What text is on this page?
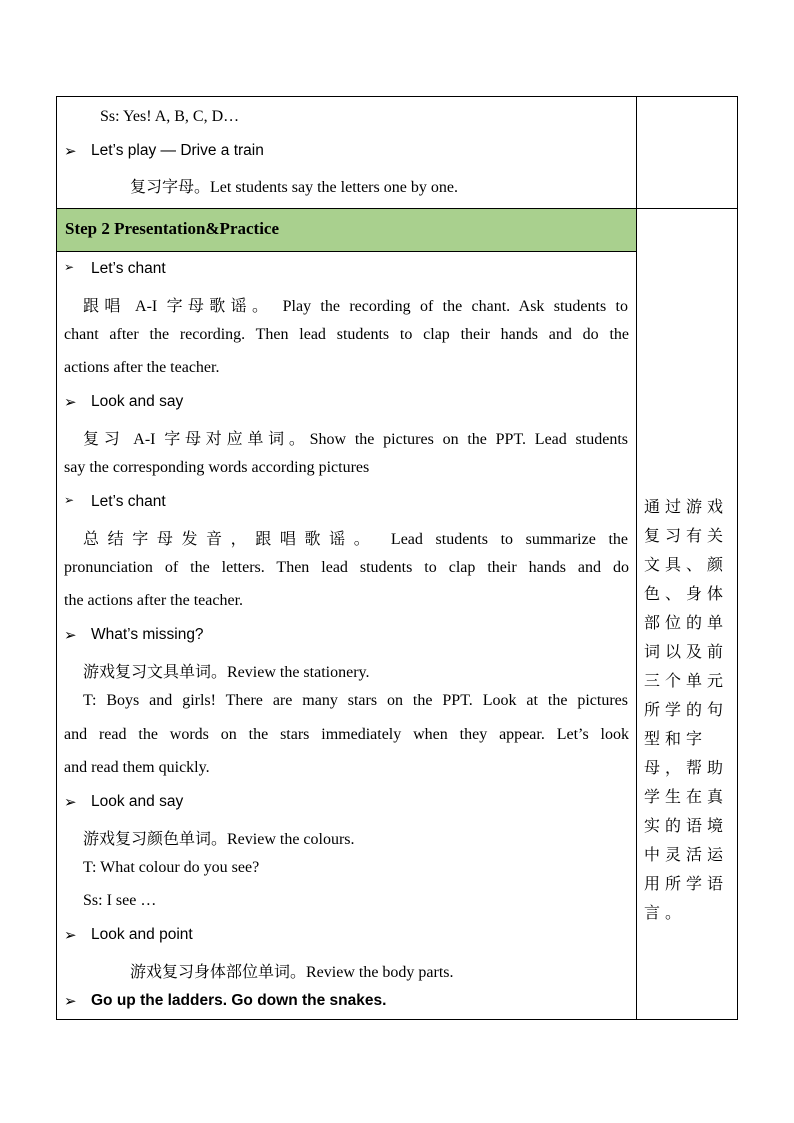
Ss: Yes! A, B, C, D…
➢ Let’s play — Drive a train
复习字母。Let students say the letters one by one.
Step 2 Presentation&Practice
➢ Let’s chant
跟唱 A-I 字母歌谣。 Play the recording of the chant. Ask students to
chant after the recording. Then lead students to clap their hands and do the
actions after the teacher.
➢ Look and say
复习 A-I 字母对应单词。Show the pictures on the PPT. Lead students
say the corresponding words according pictures
➢ Let’s chant
总结字母发音，跟唱歌谣。 Lead students to summarize the
pronunciation of the letters. Then lead students to clap their hands and do
the actions after the teacher.
➢ What’s missing?
游戏复习文具单词。Review the stationery.
T: Boys and girls! There are many stars on the PPT. Look at the pictures
and read the words on the stars immediately when they appear. Let’s look
and read them quickly.
➢ Look and say
游戏复习颜色单词。Review the colours.
T: What colour do you see?
Ss: I see …
➢ Look and point
游戏复习身体部位单词。Review the body parts.
➢ Go up the ladders. Go down the snakes.
通过游戏复习有关文具、颜色、身体部位的单词以及前三个单元所学的句型和字母，帮助学生在真实的语境中灵活运用所学语言。
